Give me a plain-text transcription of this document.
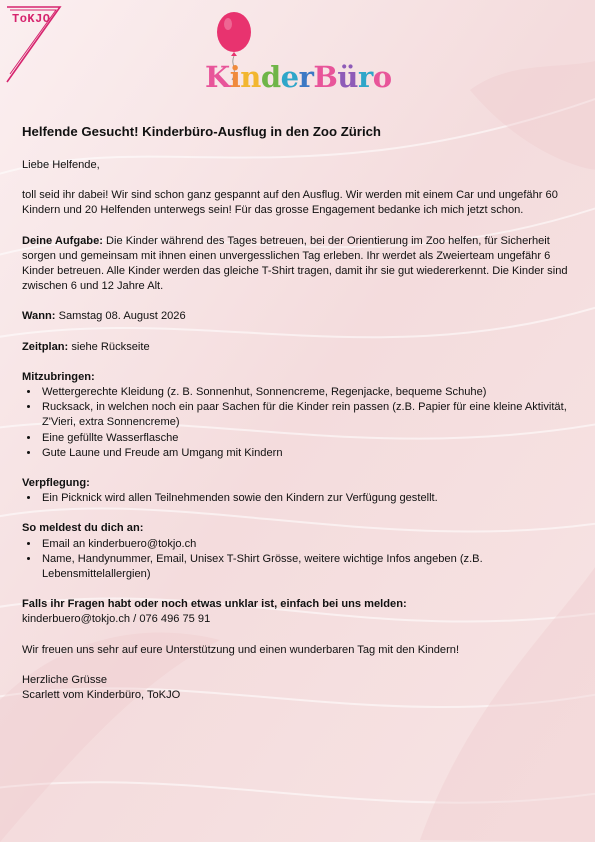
ToKJO
KinderBüro
Helfende Gesucht! Kinderbüro-Ausflug in den Zoo Zürich

Liebe Helfende,

toll seid ihr dabei! Wir sind schon ganz gespannt auf den Ausflug. Wir werden mit einem Car und ungefähr 60 Kindern und 20 Helfenden unterwegs sein! Für das grosse Engagement bedanke ich mich jetzt schon.

Deine Aufgabe: Die Kinder während des Tages betreuen, bei der Orientierung im Zoo helfen, für Sicherheit sorgen und gemeinsam mit ihnen einen unvergesslichen Tag erleben. Ihr werdet als Zweierteam ungefähr 6 Kinder betreuen. Alle Kinder werden das gleiche T-Shirt tragen, damit ihr sie gut wiedererkennt. Die Kinder sind zwischen 6 und 12 Jahre Alt.

Wann: Samstag 08. August 2026

Zeitplan: siehe Rückseite

Mitzubringen:
• Wettergerechte Kleidung (z. B. Sonnenhut, Sonnencreme, Regenjacke, bequeme Schuhe)
• Rucksack, in welchen noch ein paar Sachen für die Kinder rein passen (z.B. Papier für eine kleine Aktivität, Z'Vieri, extra Sonnencreme)
• Eine gefüllte Wasserflasche
• Gute Laune und Freude am Umgang mit Kindern
Verpflegung:
• Ein Picknick wird allen Teilnehmenden sowie den Kindern zur Verfügung gestellt.
So meldest du dich an:
• Email an kinderbuero@tokjo.ch
• Name, Handynummer, Email, Unisex T-Shirt Grösse, weitere wichtige Infos angeben (z.B. Lebensmittelallergien)
Falls ihr Fragen habt oder noch etwas unklar ist, einfach bei uns melden:

kinderbuero@tokjo.ch / 076 496 75 91

Wir freuen uns sehr auf eure Unterstützung und einen wunderbaren Tag mit den Kindern!

Herzliche Grüsse

Scarlett vom Kinderbüro, ToKJO
